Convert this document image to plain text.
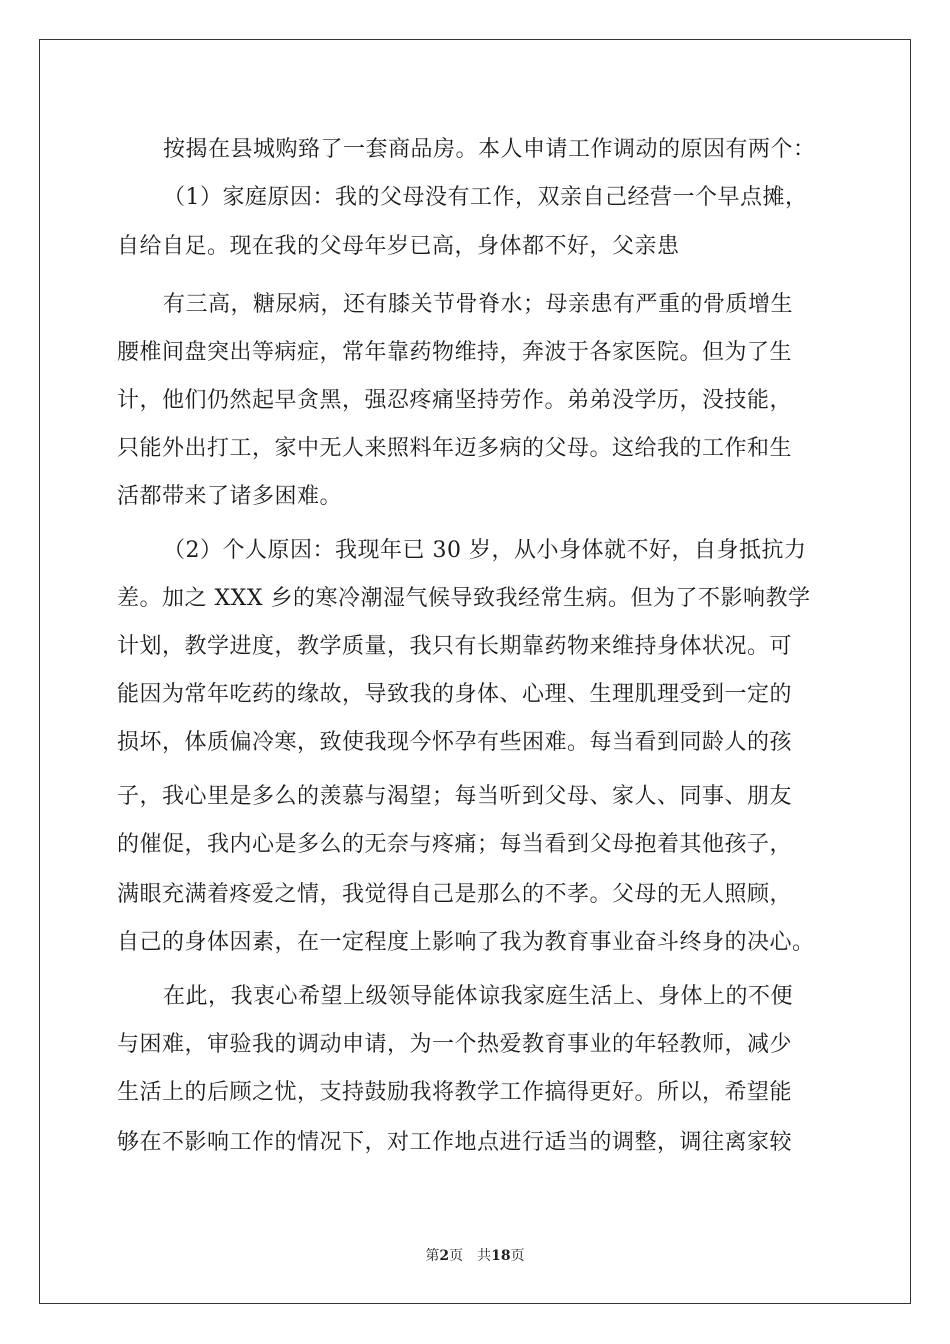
按揭在县城购臵了一套商品房。本人申请工作调动的原因有两个：
（1）家庭原因：我的父母没有工作，双亲自己经营一个早点摊，
自给自足。现在我的父母年岁已高，身体都不好，父亲患
有三高，糖尿病，还有膝关节骨脊水；母亲患有严重的骨质增生
腰椎间盘突出等病症，常年靠药物维持，奔波于各家医院。但为了生
计，他们仍然起早贪黑，强忍疼痛坚持劳作。弟弟没学历，没技能，
只能外出打工，家中无人来照料年迈多病的父母。这给我的工作和生
活都带来了诸多困难。
（2）个人原因：我现年已 30 岁，从小身体就不好，自身抵抗力
差。加之 XXX 乡的寒冷潮湿气候导致我经常生病。但为了不影响教学
计划，教学进度，教学质量，我只有长期靠药物来维持身体状况。可
能因为常年吃药的缘故，导致我的身体、心理、生理肌理受到一定的
损坏，体质偏冷寒，致使我现今怀孕有些困难。每当看到同龄人的孩
子，我心里是多么的羡慕与渴望；每当听到父母、家人、同事、朋友
的催促，我内心是多么的无奈与疼痛；每当看到父母抱着其他孩子，
满眼充满着疼爱之情，我觉得自己是那么的不孝。父母的无人照顾，
自己的身体因素，在一定程度上影响了我为教育事业奋斗终身的决心。
在此，我衷心希望上级领导能体谅我家庭生活上、身体上的不便
与困难，审验我的调动申请，为一个热爱教育事业的年轻教师，减少
生活上的后顾之忧，支持鼓励我将教学工作搞得更好。所以，希望能
够在不影响工作的情况下，对工作地点进行适当的调整，调往离家较
第2页 共18页
